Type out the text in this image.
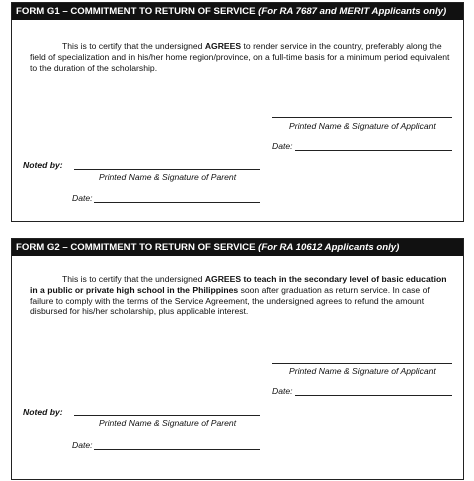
FORM G1 – COMMITMENT TO RETURN OF SERVICE (For RA 7687 and MERIT Applicants only)
This is to certify that the undersigned AGREES to render service in the country, preferably along the field of specialization and in his/her home region/province, on a full-time basis for a minimum period equivalent to the duration of the scholarship.
Printed Name & Signature of Applicant
Date:
Noted by:
Printed Name & Signature of Parent
Date:
FORM G2 – COMMITMENT TO RETURN OF SERVICE (For RA 10612 Applicants only)
This is to certify that the undersigned AGREES to teach in the secondary level of basic education in a public or private high school in the Philippines soon after graduation as return service. In case of failure to comply with the terms of the Service Agreement, the undersigned agrees to refund the amount disbursed for his/her scholarship, plus applicable interest.
Printed Name & Signature of Applicant
Date:
Noted by:
Printed Name & Signature of Parent
Date:
